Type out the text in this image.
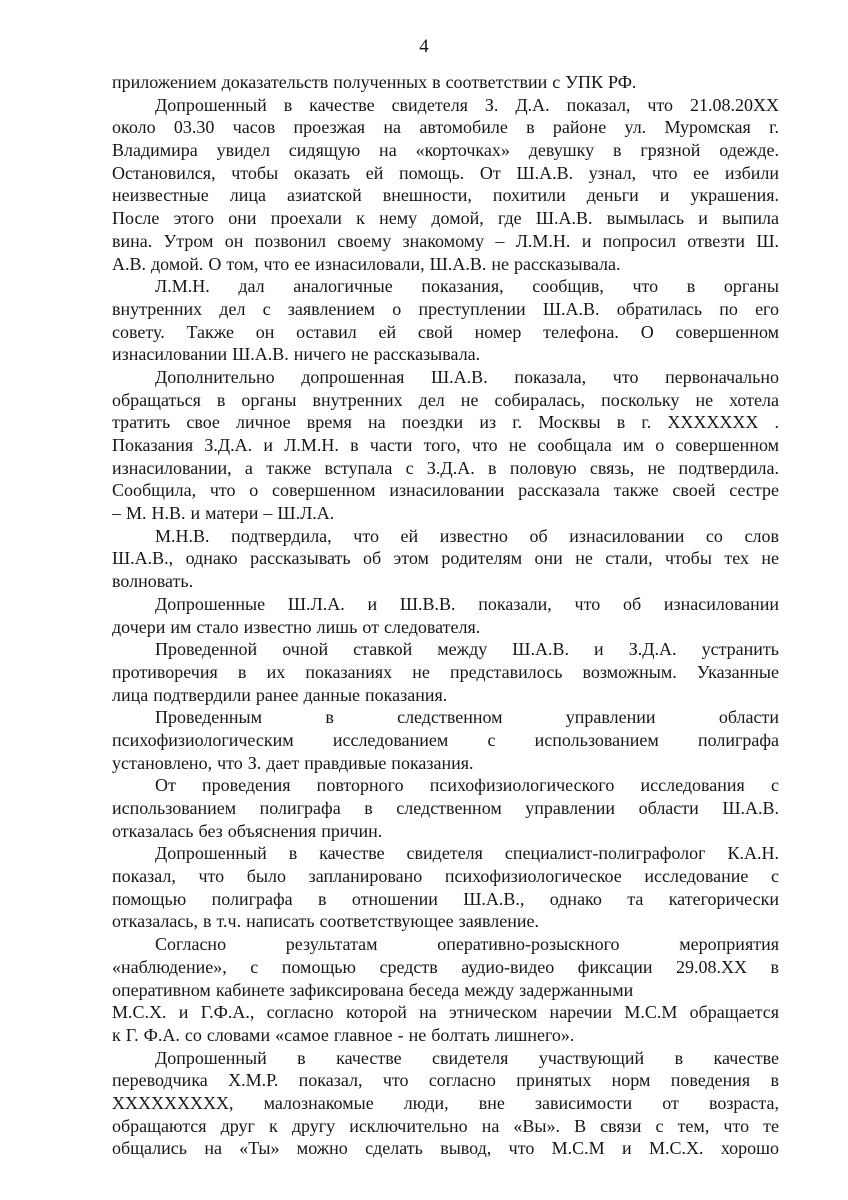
4
приложением доказательств полученных в соответствии с УПК РФ.
Допрошенный в качестве свидетеля З. Д.А. показал, что 21.08.20ХХ
около 03.30 часов проезжая на автомобиле в районе ул. Муромская г.
Владимира увидел сидящую на «корточках» девушку в грязной одежде.
Остановился, чтобы оказать ей помощь. От Ш.А.В. узнал, что ее избили
неизвестные лица азиатской внешности, похитили деньги и украшения.
После этого они проехали к нему домой, где Ш.А.В. вымылась и выпила
вина. Утром он позвонил своему знакомому – Л.М.Н. и попросил отвезти Ш.
А.В. домой. О том, что ее изнасиловали, Ш.А.В. не рассказывала.
Л.М.Н. дал аналогичные показания, сообщив, что в органы
внутренних дел с заявлением о преступлении Ш.А.В. обратилась по его
совету. Также он оставил ей свой номер телефона. О совершенном
изнасиловании Ш.А.В. ничего не рассказывала.
Дополнительно допрошенная Ш.А.В. показала, что первоначально
обращаться в органы внутренних дел не собиралась, поскольку не хотела
тратить свое личное время на поездки из г. Москвы в г. ХХХХХХХ .
Показания З.Д.А. и Л.М.Н. в части того, что не сообщала им о совершенном
изнасиловании, а также вступала с З.Д.А. в половую связь, не подтвердила.
Сообщила, что о совершенном изнасиловании рассказала также своей сестре
– М. Н.В. и матери – Ш.Л.А.
М.Н.В. подтвердила, что ей известно об изнасиловании со слов
Ш.А.В., однако рассказывать об этом родителям они не стали, чтобы тех не
волновать.
Допрошенные Ш.Л.А. и Ш.В.В. показали, что об изнасиловании
дочери им стало известно лишь от следователя.
Проведенной очной ставкой между Ш.А.В. и З.Д.А. устранить
противоречия в их показаниях не представилось возможным. Указанные
лица подтвердили ранее данные показания.
Проведенным в следственном управлении области
психофизиологическим исследованием с использованием полиграфа
установлено, что З. дает правдивые показания.
От проведения повторного психофизиологического исследования с
использованием полиграфа в следственном управлении области Ш.А.В.
отказалась без объяснения причин.
Допрошенный в качестве свидетеля специалист-полиграфолог К.А.Н.
показал, что было запланировано психофизиологическое исследование с
помощью полиграфа в отношении Ш.А.В., однако та категорически
отказалась, в т.ч. написать соответствующее заявление.
Согласно результатам оперативно-розыскного мероприятия
«наблюдение», с помощью средств аудио-видео фиксации 29.08.ХХ в
оперативном кабинете зафиксирована беседа между задержанными
М.С.Х. и Г.Ф.А., согласно которой на этническом наречии М.С.М обращается
к Г. Ф.А. со словами «самое главное - не болтать лишнего».
Допрошенный в качестве свидетеля участвующий в качестве
переводчика Х.М.Р. показал, что согласно принятых норм поведения в
ХХХХХХХХХ, малознакомые люди, вне зависимости от возраста,
обращаются друг к другу исключительно на «Вы». В связи с тем, что те
общались на «Ты» можно сделать вывод, что М.С.М и М.С.Х. хорошо
